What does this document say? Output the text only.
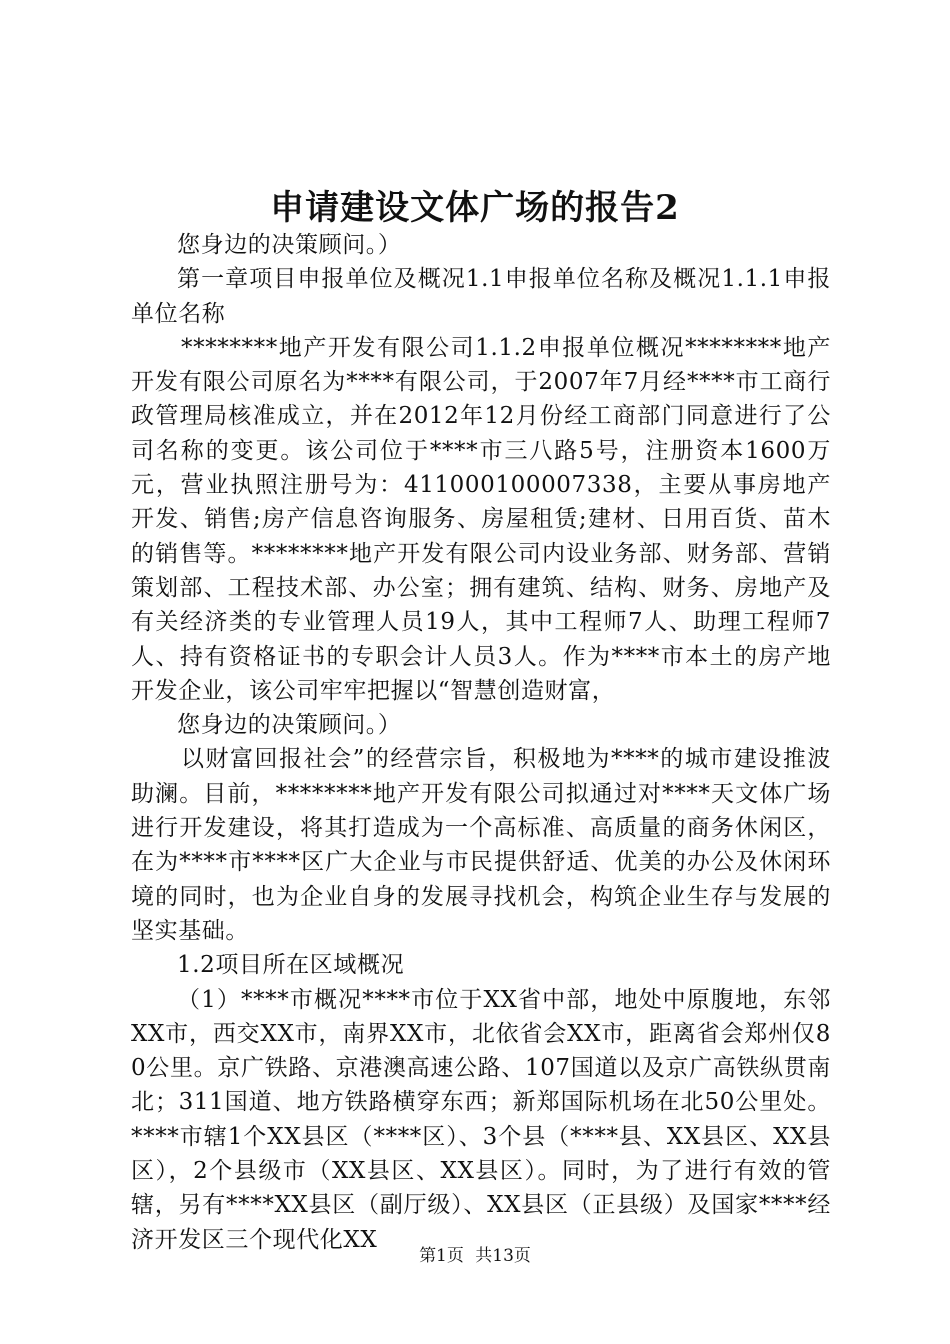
申请建设文体广场的报告2

您身边的决策顾问。）

第一章项目申报单位及概况1.1申报单位名称及概况1.1.1申报单位名称

********地产开发有限公司1.1.2申报单位概况********地产开发有限公司原名为****有限公司，于2007年7月经****市工商行政管理局核准成立，并在2012年12月份经工商部门同意进行了公司名称的变更。该公司位于****市三八路5号，注册资本1600万元，营业执照注册号为：411000100007338，主要从事房地产开发、销售;房产信息咨询服务、房屋租赁;建材、日用百货、苗木的销售等。********地产开发有限公司内设业务部、财务部、营销策划部、工程技术部、办公室；拥有建筑、结构、财务、房地产及有关经济类的专业管理人员19人，其中工程师7人、助理工程师7人、持有资格证书的专职会计人员3人。作为****市本土的房产地开发企业，该公司牢牢把握以“智慧创造财富，

您身边的决策顾问。）

以财富回报社会”的经营宗旨，积极地为****的城市建设推波助澜。目前，********地产开发有限公司拟通过对****天文体广场进行开发建设，将其打造成为一个高标准、高质量的商务休闲区，在为****市****区广大企业与市民提供舒适、优美的办公及休闲环境的同时，也为企业自身的发展寻找机会，构筑企业生存与发展的坚实基础。

1.2项目所在区域概况

（1）****市概况****市位于XX省中部，地处中原腹地，东邻XX市，西交XX市，南界XX市，北依省会XX市，距离省会郑州仅80公里。京广铁路、京港澳高速公路、107国道以及京广高铁纵贯南北；311国道、地方铁路横穿东西；新郑国际机场在北50公里处。****市辖1个XX县区（****区）、3个县（****县、XX县区、XX县区），2个县级市（XX县区、XX县区）。同时，为了进行有效的管辖，另有****XX县区（副厅级）、XX县区（正县级）及国家****经济开发区三个现代化XX

第1页 共13页
